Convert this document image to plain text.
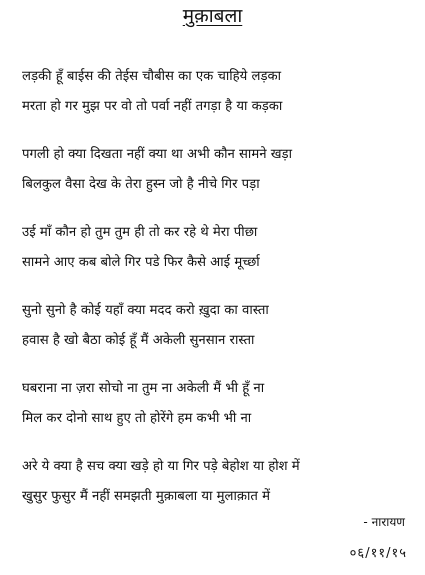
मुक़ाबला
लड़की हूँ बाईस की तेईस चौबीस का एक चाहिये लड़का
मरता हो गर मुझ पर वो तो पर्वा नहीं तगड़ा है या कड़का
पगली हो क्या दिखता नहीं क्या था अभी कौन सामने खड़ा
बिलकुल वैसा देख के तेरा हुस्न जो है नीचे गिर पड़ा
उई माँ कौन हो तुम तुम ही तो कर रहे थे मेरा पीछा
सामने आए कब बोले गिर पडे फिर कैसे आई मूर्च्छा
सुनो सुनो है कोई यहाँ क्या मदद करो ख़ुदा का वास्ता
हवास है खो बैठा कोई हूँ मैं अकेली सुनसान रास्ता
घबराना ना ज़रा सोचो ना तुम ना अकेली मैं भी हूँ ना
मिल कर दोनो साथ हुए तो होरेंगे हम कभी भी ना
अरे ये क्या है सच क्या खड़े हो या गिर पड़े बेहोश या होश में
खुसुर फुसुर मैं नहीं समझती मुक़ाबला या मुलाक़ात में
- नारायण
०६/११/१५
